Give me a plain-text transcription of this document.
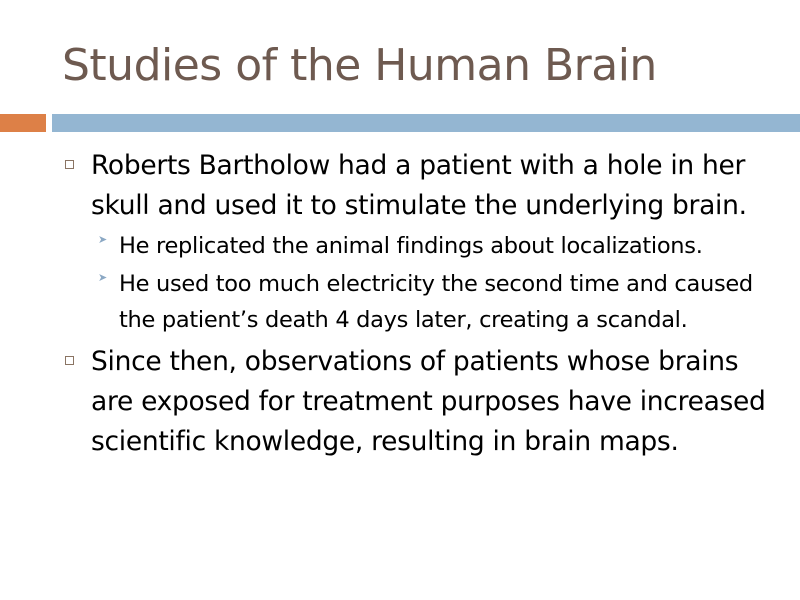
Studies of the Human Brain
Roberts Bartholow had a patient with a hole in her skull and used it to stimulate the underlying brain.
➤ He replicated the animal findings about localizations.
➤ He used too much electricity the second time and caused the patient’s death 4 days later, creating a scandal.
Since then, observations of patients whose brains are exposed for treatment purposes have increased scientific knowledge, resulting in brain maps.
